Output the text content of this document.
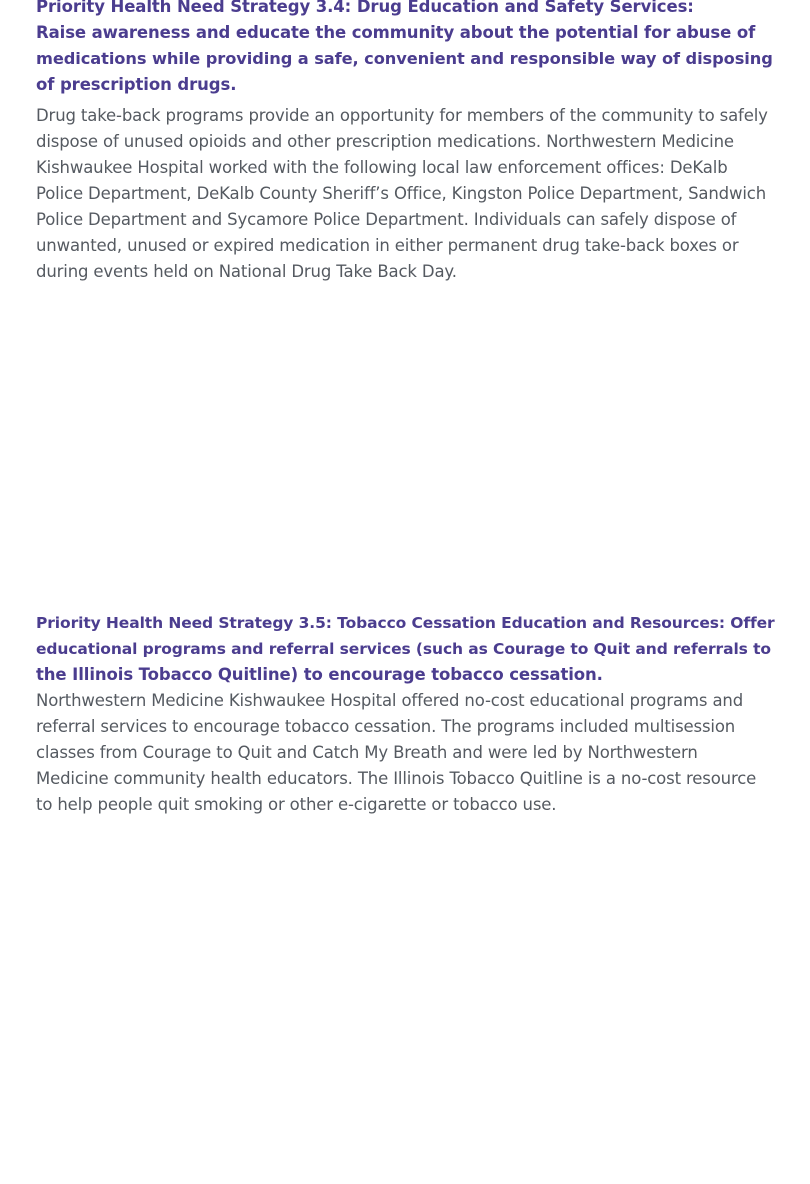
Priority Health Need Strategy 3.4: Drug Education and Safety Services:
Raise awareness and educate the community about the potential for abuse of
medications while providing a safe, convenient and responsible way of disposing
of prescription drugs.

Drug take-back programs provide an opportunity for members of the community to safely
dispose of unused opioids and other prescription medications. Northwestern Medicine
Kishwaukee Hospital worked with the following local law enforcement offices: DeKalb
Police Department, DeKalb County Sheriff’s Office, Kingston Police Department, Sandwich
Police Department and Sycamore Police Department. Individuals can safely dispose of
unwanted, unused or expired medication in either permanent drug take-back boxes or
during events held on National Drug Take Back Day.

Priority Health Need Strategy 3.5: Tobacco Cessation Education and Resources: Offer
educational programs and referral services (such as Courage to Quit and referrals to
the Illinois Tobacco Quitline) to encourage tobacco cessation.

Northwestern Medicine Kishwaukee Hospital offered no-cost educational programs and
referral services to encourage tobacco cessation. The programs included multisession
classes from Courage to Quit and Catch My Breath and were led by Northwestern
Medicine community health educators. The Illinois Tobacco Quitline is a no-cost resource
to help people quit smoking or other e-cigarette or tobacco use.
